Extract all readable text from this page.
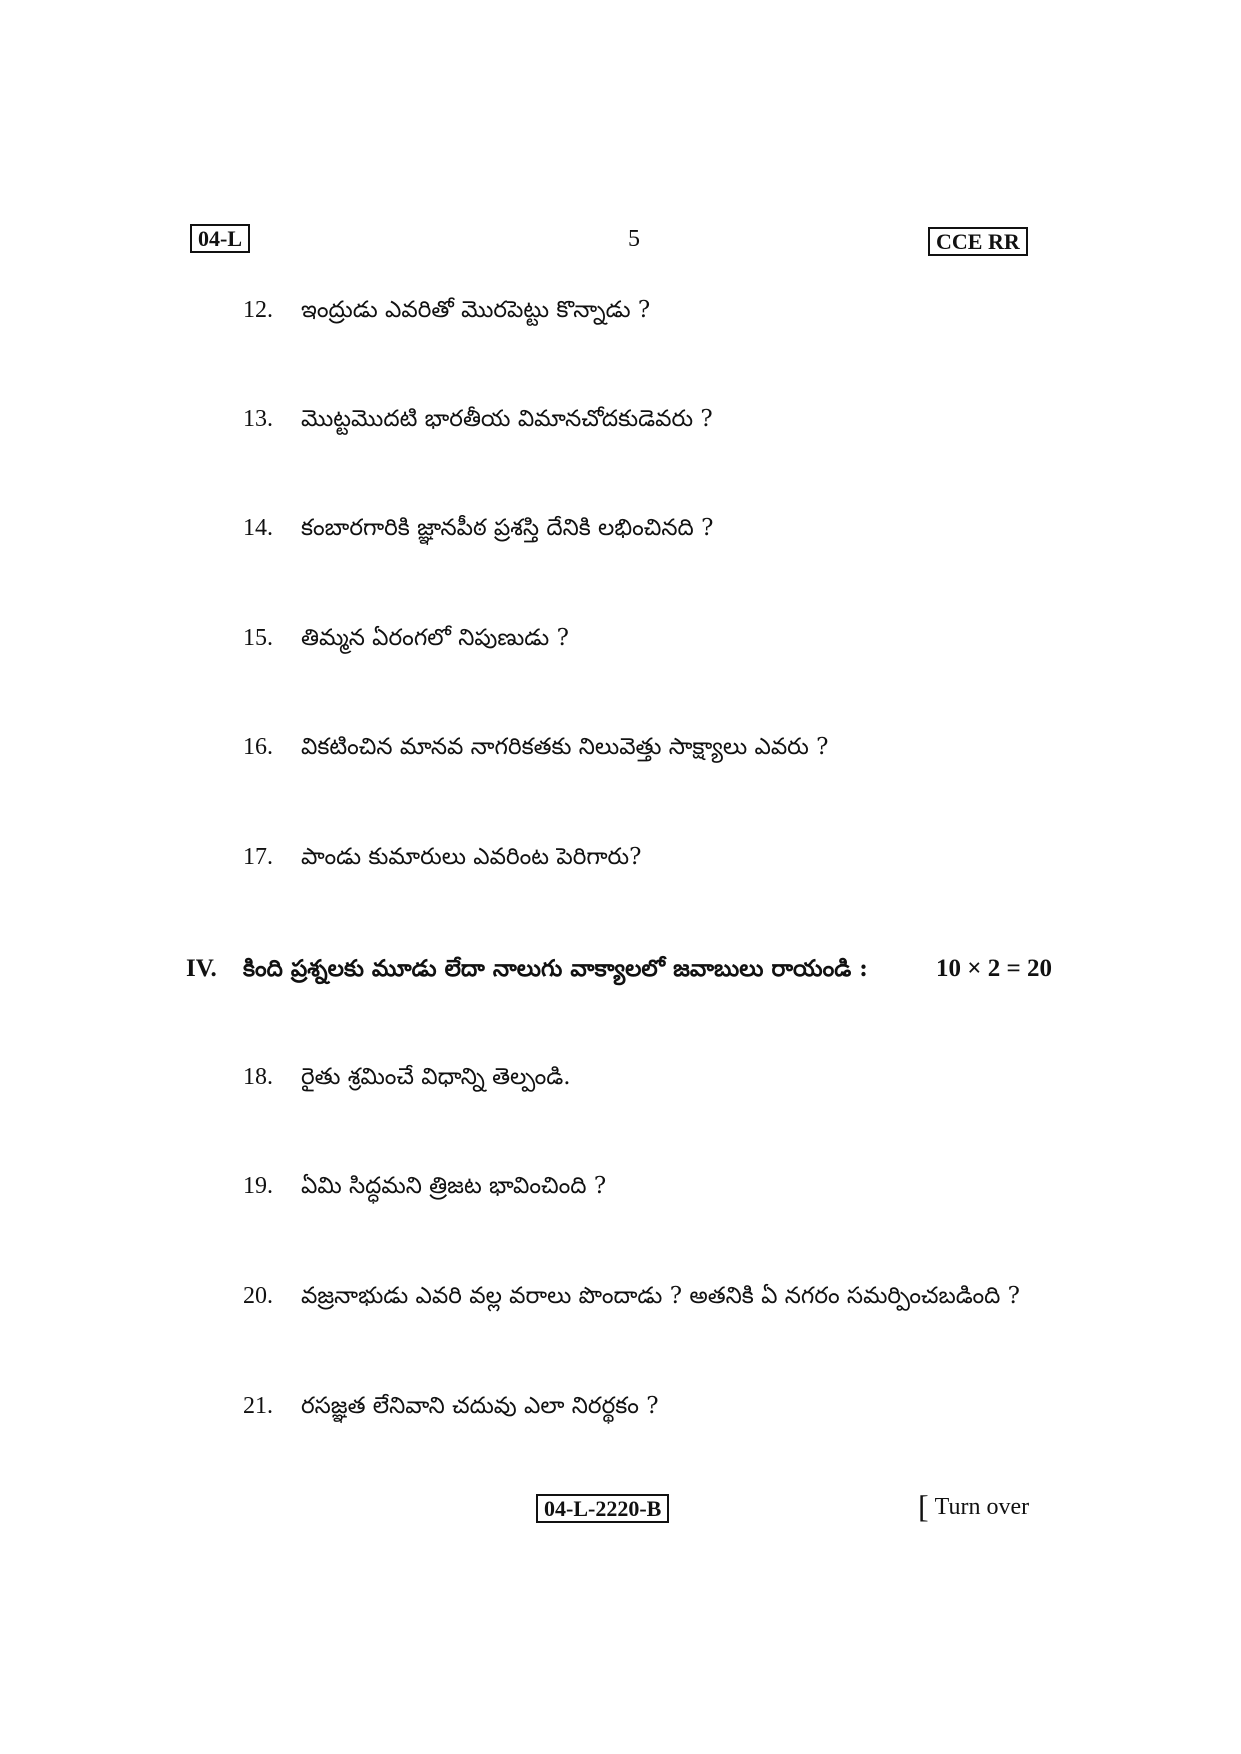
04-L	5	CCE RR
12. ఇంద్రుడు ఎవరితో మొరపెట్టు కొన్నాడు ?
13. మొట్టమొదటి భారతీయ విమానచోదకుడెవరు ?
14. కంబారగారికి జ్ఞానపీఠ ప్రశస్తి దేనికి లభించినది ?
15. తిమ్మన ఏరంగలో నిపుణుడు ?
16. వికటించిన మానవ నాగరికతకు నిలువెత్తు సాక్ష్యాలు ఎవరు ?
17. పాండు కుమారులు ఎవరింట పెరిగారు?
IV. కింది ప్రశ్నలకు మూడు లేదా నాలుగు వాక్యాలలో జవాబులు రాయండి :	10 × 2 = 20
18. రైతు శ్రమించే విధాన్ని తెల్పండి.
19. ఏమి సిద్ధమని త్రిజట భావించింది ?
20. వజ్రనాభుడు ఎవరి వల్ల వరాలు పొందాడు ? అతనికి ఏ నగరం సమర్పించబడింది ?
21. రసజ్ఞత లేనివాని చదువు ఎలా నిరర్థకం ?
04-L-2220-B	[ Turn over
